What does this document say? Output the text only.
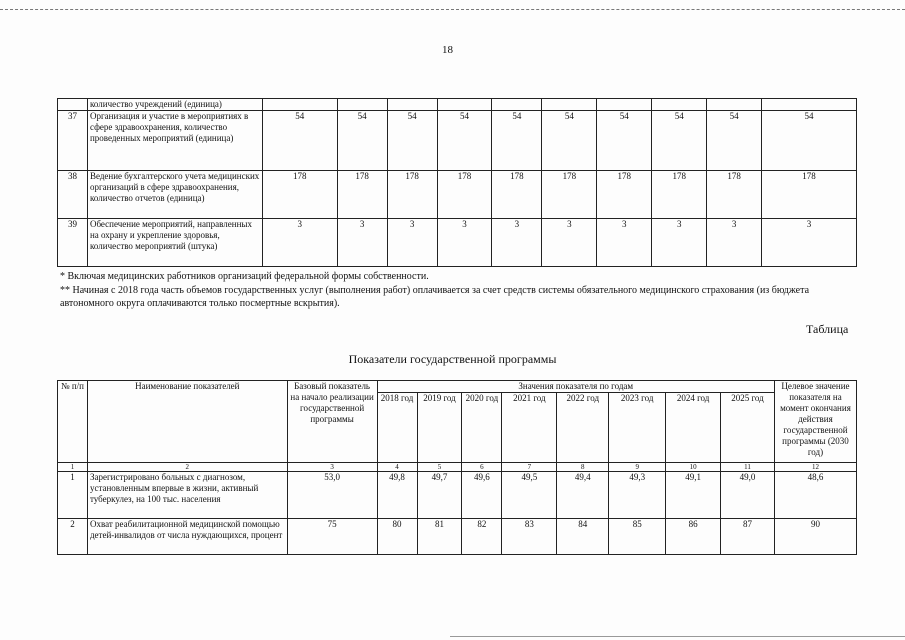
18
	количество учреждений (единица)										
37	Организация и участие в мероприятиях в сфере здравоохранения, количество проведенных мероприятий (единица)	54	54	54	54	54	54	54	54	54	54
38	Ведение бухгалтерского учета медицинских организаций в сфере здравоохранения, количество отчетов (единица)	178	178	178	178	178	178	178	178	178	178
39	Обеспечение мероприятий, направленных на охрану и укрепление здоровья, количество мероприятий (штука)	3	3	3	3	3	3	3	3	3	3
* Включая медицинских работников организаций федеральной формы собственности.
** Начиная с 2018 года часть объемов государственных услуг (выполнения работ) оплачивается за счет средств системы обязательного медицинского страхования (из бюджета автономного округа оплачиваются только посмертные вскрытия).
Таблица
Показатели государственной программы
№ п/п	Наименование показателей	Базовый показатель на начало реализации государственной программы	Значения показателя по годам								Целевое значение показателя на момент окончания действия государственной программы (2030 год)
			2018 год	2019 год	2020 год	2021 год	2022 год	2023 год	2024 год	2025 год	
1	2	3	4	5	6	7	8	9	10	11	12
1	Зарегистрировано больных с диагнозом, установленным впервые в жизни, активный туберкулез, на 100 тыс. населения	53,0	49,8	49,7	49,6	49,5	49,4	49,3	49,1	49,0	48,6
2	Охват реабилитационной медицинской помощью детей-инвалидов от числа нуждающихся, процент	75	80	81	82	83	84	85	86	87	90
